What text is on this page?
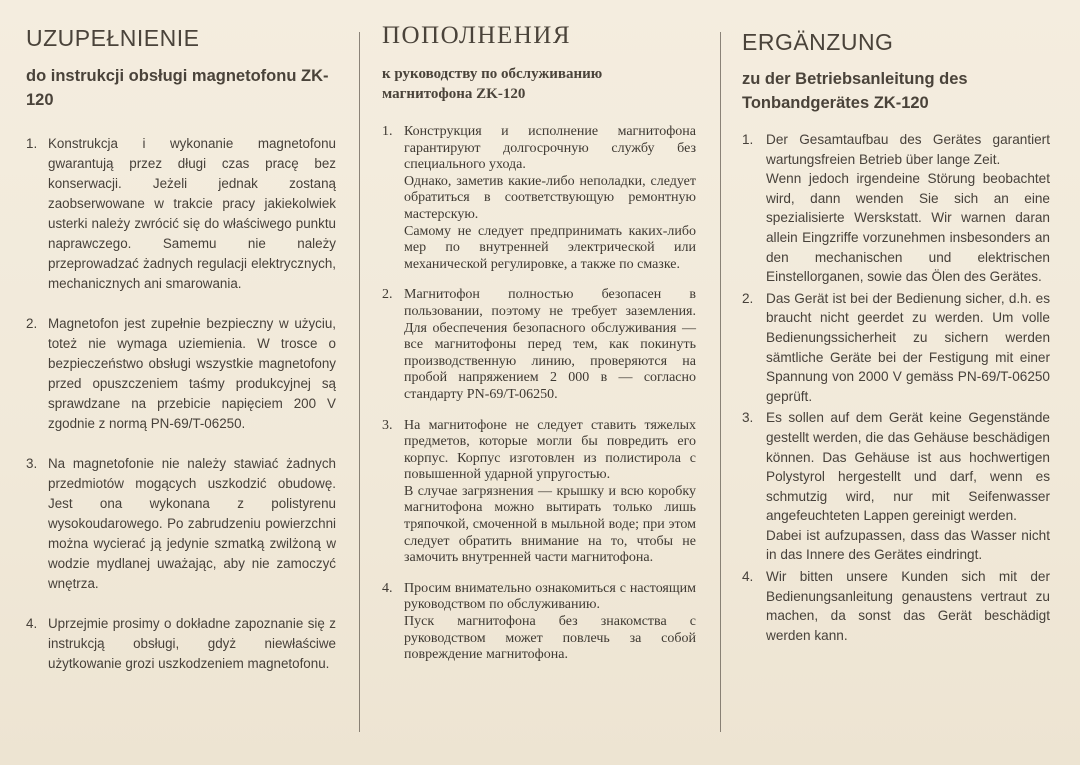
UZUPEŁNIENIE
do instrukcji obsługi magnetofonu ZK-120
1. Konstrukcja i wykonanie magnetofonu gwarantują przez długi czas pracę bez konserwacji. Jeżeli jednak zostaną zaobserwowane w trakcie pracy jakiekolwiek usterki należy zwrócić się do właściwego punktu naprawczego. Samemu nie należy przeprowadzać żadnych regulacji elektrycznych, mechanicznych ani smarowania.
2. Magnetofon jest zupełnie bezpieczny w użyciu, toteż nie wymaga uziemienia. W trosce o bezpieczeństwo obsługi wszystkie magnetofony przed opuszczeniem taśmy produkcyjnej są sprawdzane na przebicie napięciem 200 V zgodnie z normą PN-69/T-06250.
3. Na magnetofonie nie należy stawiać żadnych przedmiotów mogących uszkodzić obudowę. Jest ona wykonana z polistyrenu wysokoudarowego. Po zabrudzeniu powierzchni można wycierać ją jedynie szmatką zwilżoną w wodzie mydlanej uważając, aby nie zamoczyć wnętrza.
4. Uprzejmie prosimy o dokładne zapoznanie się z instrukcją obsługi, gdyż niewłaściwe użytkowanie grozi uszkodzeniem magnetofonu.
ПОПОЛНЕНИЯ
к руководству по обслуживанию магнитофона ZK-120
1. Конструкция и исполнение магнитофона гарантируют долгосрочную службу без специального ухода.
Однако, заметив какие-либо неполадки, следует обратиться в соответствующую ремонтную мастерскую.
Самому не следует предпринимать каких-либо мер по внутренней электрической или механической регулировке, а также по смазке.
2. Магнитофон полностью безопасен в пользовании, поэтому не требует заземления. Для обеспечения безопасного обслуживания — все магнитофоны перед тем, как покинуть производственную линию, проверяются на пробой напряжением 2 000 в — согласно стандарту PN-69/T-06250.
3. На магнитофоне не следует ставить тяжелых предметов, которые могли бы повредить его корпус. Корпус изготовлен из полистирола с повышенной ударной упругостью.
В случае загрязнения — крышку и всю коробку магнитофона можно вытирать только лишь тряпочкой, смоченной в мыльной воде; при этом следует обратить внимание на то, чтобы не замочить внутренней части магнитофона.
4. Просим внимательно ознакомиться с настоящим руководством по обслуживанию.
Пуск магнитофона без знакомства с руководством может повлечь за собой повреждение магнитофона.
ERGÄNZUNG
zu der Betriebsanleitung des Tonbandgerätes ZK-120
1. Der Gesamtaufbau des Gerätes garantiert wartungsfreien Betrieb über lange Zeit.
Wenn jedoch irgendeine Störung beobachtet wird, dann wenden Sie sich an eine spezialisierte Werskstatt. Wir warnen daran allein Eingzriffe vorzunehmen insbesonders an den mechanischen und elektrischen Einstellorganen, sowie das Ölen des Gerätes.
2. Das Gerät ist bei der Bedienung sicher, d.h. es braucht nicht geerdet zu werden. Um volle Bedienungssicherheit zu sichern werden sämtliche Geräte bei der Festigung mit einer Spannung von 2000 V gemäss PN-69/T-06250 geprüft.
3. Es sollen auf dem Gerät keine Gegenstände gestellt werden, die das Gehäuse beschädigen können. Das Gehäuse ist aus hochwertigen Polystyrol hergestellt und darf, wenn es schmutzig wird, nur mit Seifenwasser angefeuchteten Lappen gereinigt werden.
Dabei ist aufzupassen, dass das Wasser nicht in das Innere des Gerätes eindringt.
4. Wir bitten unsere Kunden sich mit der Bedienungsanleitung genaustens vertraut zu machen, da sonst das Gerät beschädigt werden kann.
